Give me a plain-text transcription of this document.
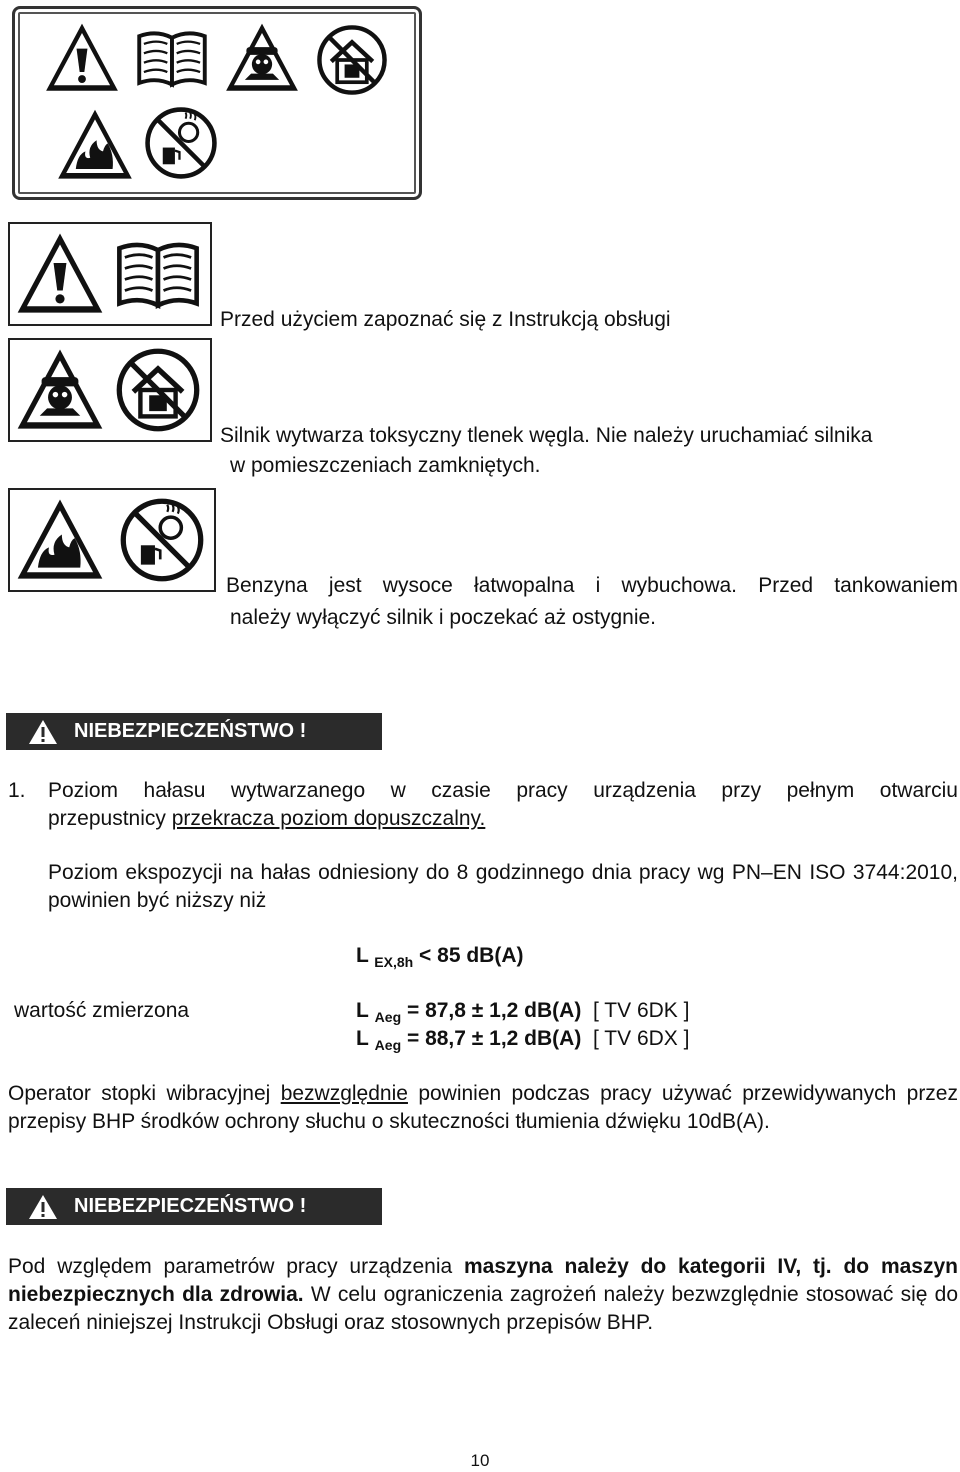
Przed użyciem zapoznać się z Instrukcją obsługi
Silnik wytwarza toksyczny tlenek węgla. Nie należy uruchamiać silnika
w pomieszczeniach zamkniętych.
Benzyna jest wysoce łatwopalna i wybuchowa. Przed tankowaniem
należy wyłączyć silnik i poczekać aż ostygnie.
NIEBEZPIECZEŃSTWO !
1. Poziom hałasu wytwarzanego w czasie pracy urządzenia przy pełnym otwarciu
przepustnicy przekracza poziom dopuszczalny.
Poziom ekspozycji na hałas odniesiony do 8 godzinnego dnia pracy wg PN–EN ISO 3744:2010, powinien być niższy niż
L $_{EX,8h}$ < 85 dB(A)
wartość zmierzona	L $_{Aeg}$ = 87,8 ± 1,2 dB(A) [ TV 6DK ]
L $_{Aeg}$ = 88,7 ± 1,2 dB(A) [ TV 6DX ]
Operator stopki wibracyjnej bezwzględnie powinien podczas pracy używać przewidywanych przez przepisy BHP środków ochrony słuchu o skuteczności tłumienia dźwięku 10dB(A).
NIEBEZPIECZEŃSTWO !
Pod względem parametrów pracy urządzenia maszyna należy do kategorii IV, tj. do maszyn niebezpiecznych dla zdrowia. W celu ograniczenia zagrożeń należy bezwzględnie stosować się do zaleceń niniejszej Instrukcji Obsługi oraz stosownych przepisów BHP.
10
